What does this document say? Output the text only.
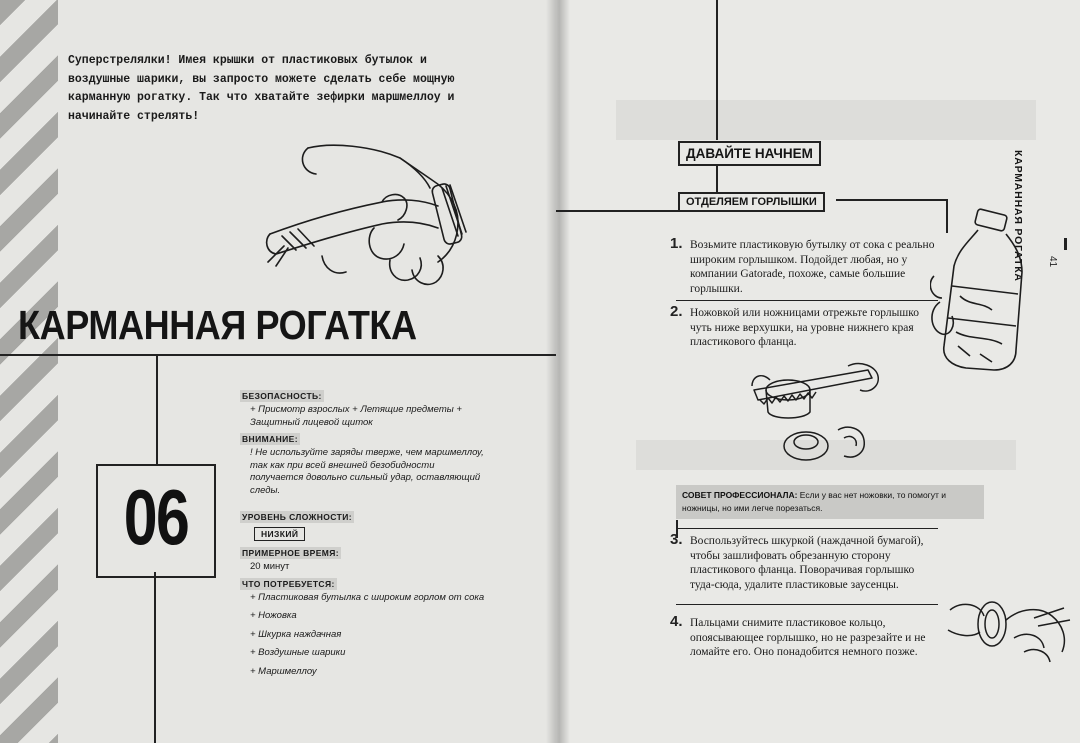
Суперстрелялки! Имея крышки от пластиковых бутылок и воздушные шарики, вы запросто можете сделать себе мощную карманную рогатку. Так что хватайте зефирки маршмеллоу и начинайте стрелять!
КАРМАННАЯ РОГАТКА
06
БЕЗОПАСНОСТЬ:
+ Присмотр взрослых + Летящие предметы + Защитный лицевой щиток
ВНИМАНИЕ:
! Не используйте заряды тверже, чем маршмеллоу, так как при всей внешней безобидности получается довольно сильный удар, оставляющий следы.
УРОВЕНЬ СЛОЖНОСТИ:
НИЗКИЙ
ПРИМЕРНОЕ ВРЕМЯ:
20 минут
ЧТО ПОТРЕБУЕТСЯ:
+ Пластиковая бутылка с широким горлом от сока
+ Ножовка
+ Шкурка наждачная
+ Воздушные шарики
+ Маршмеллоу
ДАВАЙТЕ НАЧНЕМ
ОТДЕЛЯЕМ ГОРЛЫШКИ	КАРМАННАЯ РОГАТКА 41
1. Возьмите пластиковую бутылку от сока с реально широким горлышком. Подойдет любая, но у компании Gatorade, похоже, самые большие горлышки.
2. Ножовкой или ножницами отрежьте горлышко чуть ниже верхушки, на уровне нижнего края пластикового фланца.
СОВЕТ ПРОФЕССИОНАЛА: Если у вас нет ножовки, то помогут и ножницы, но ими легче порезаться.
3. Воспользуйтесь шкуркой (наждачной бумагой), чтобы зашлифовать обрезанную сторону пластикового фланца. Поворачивая горлышко туда-сюда, удалите пластиковые заусенцы.
4. Пальцами снимите пластиковое кольцо, опоясывающее горлышко, но не разрезайте и не ломайте его. Оно понадобится немного позже.
